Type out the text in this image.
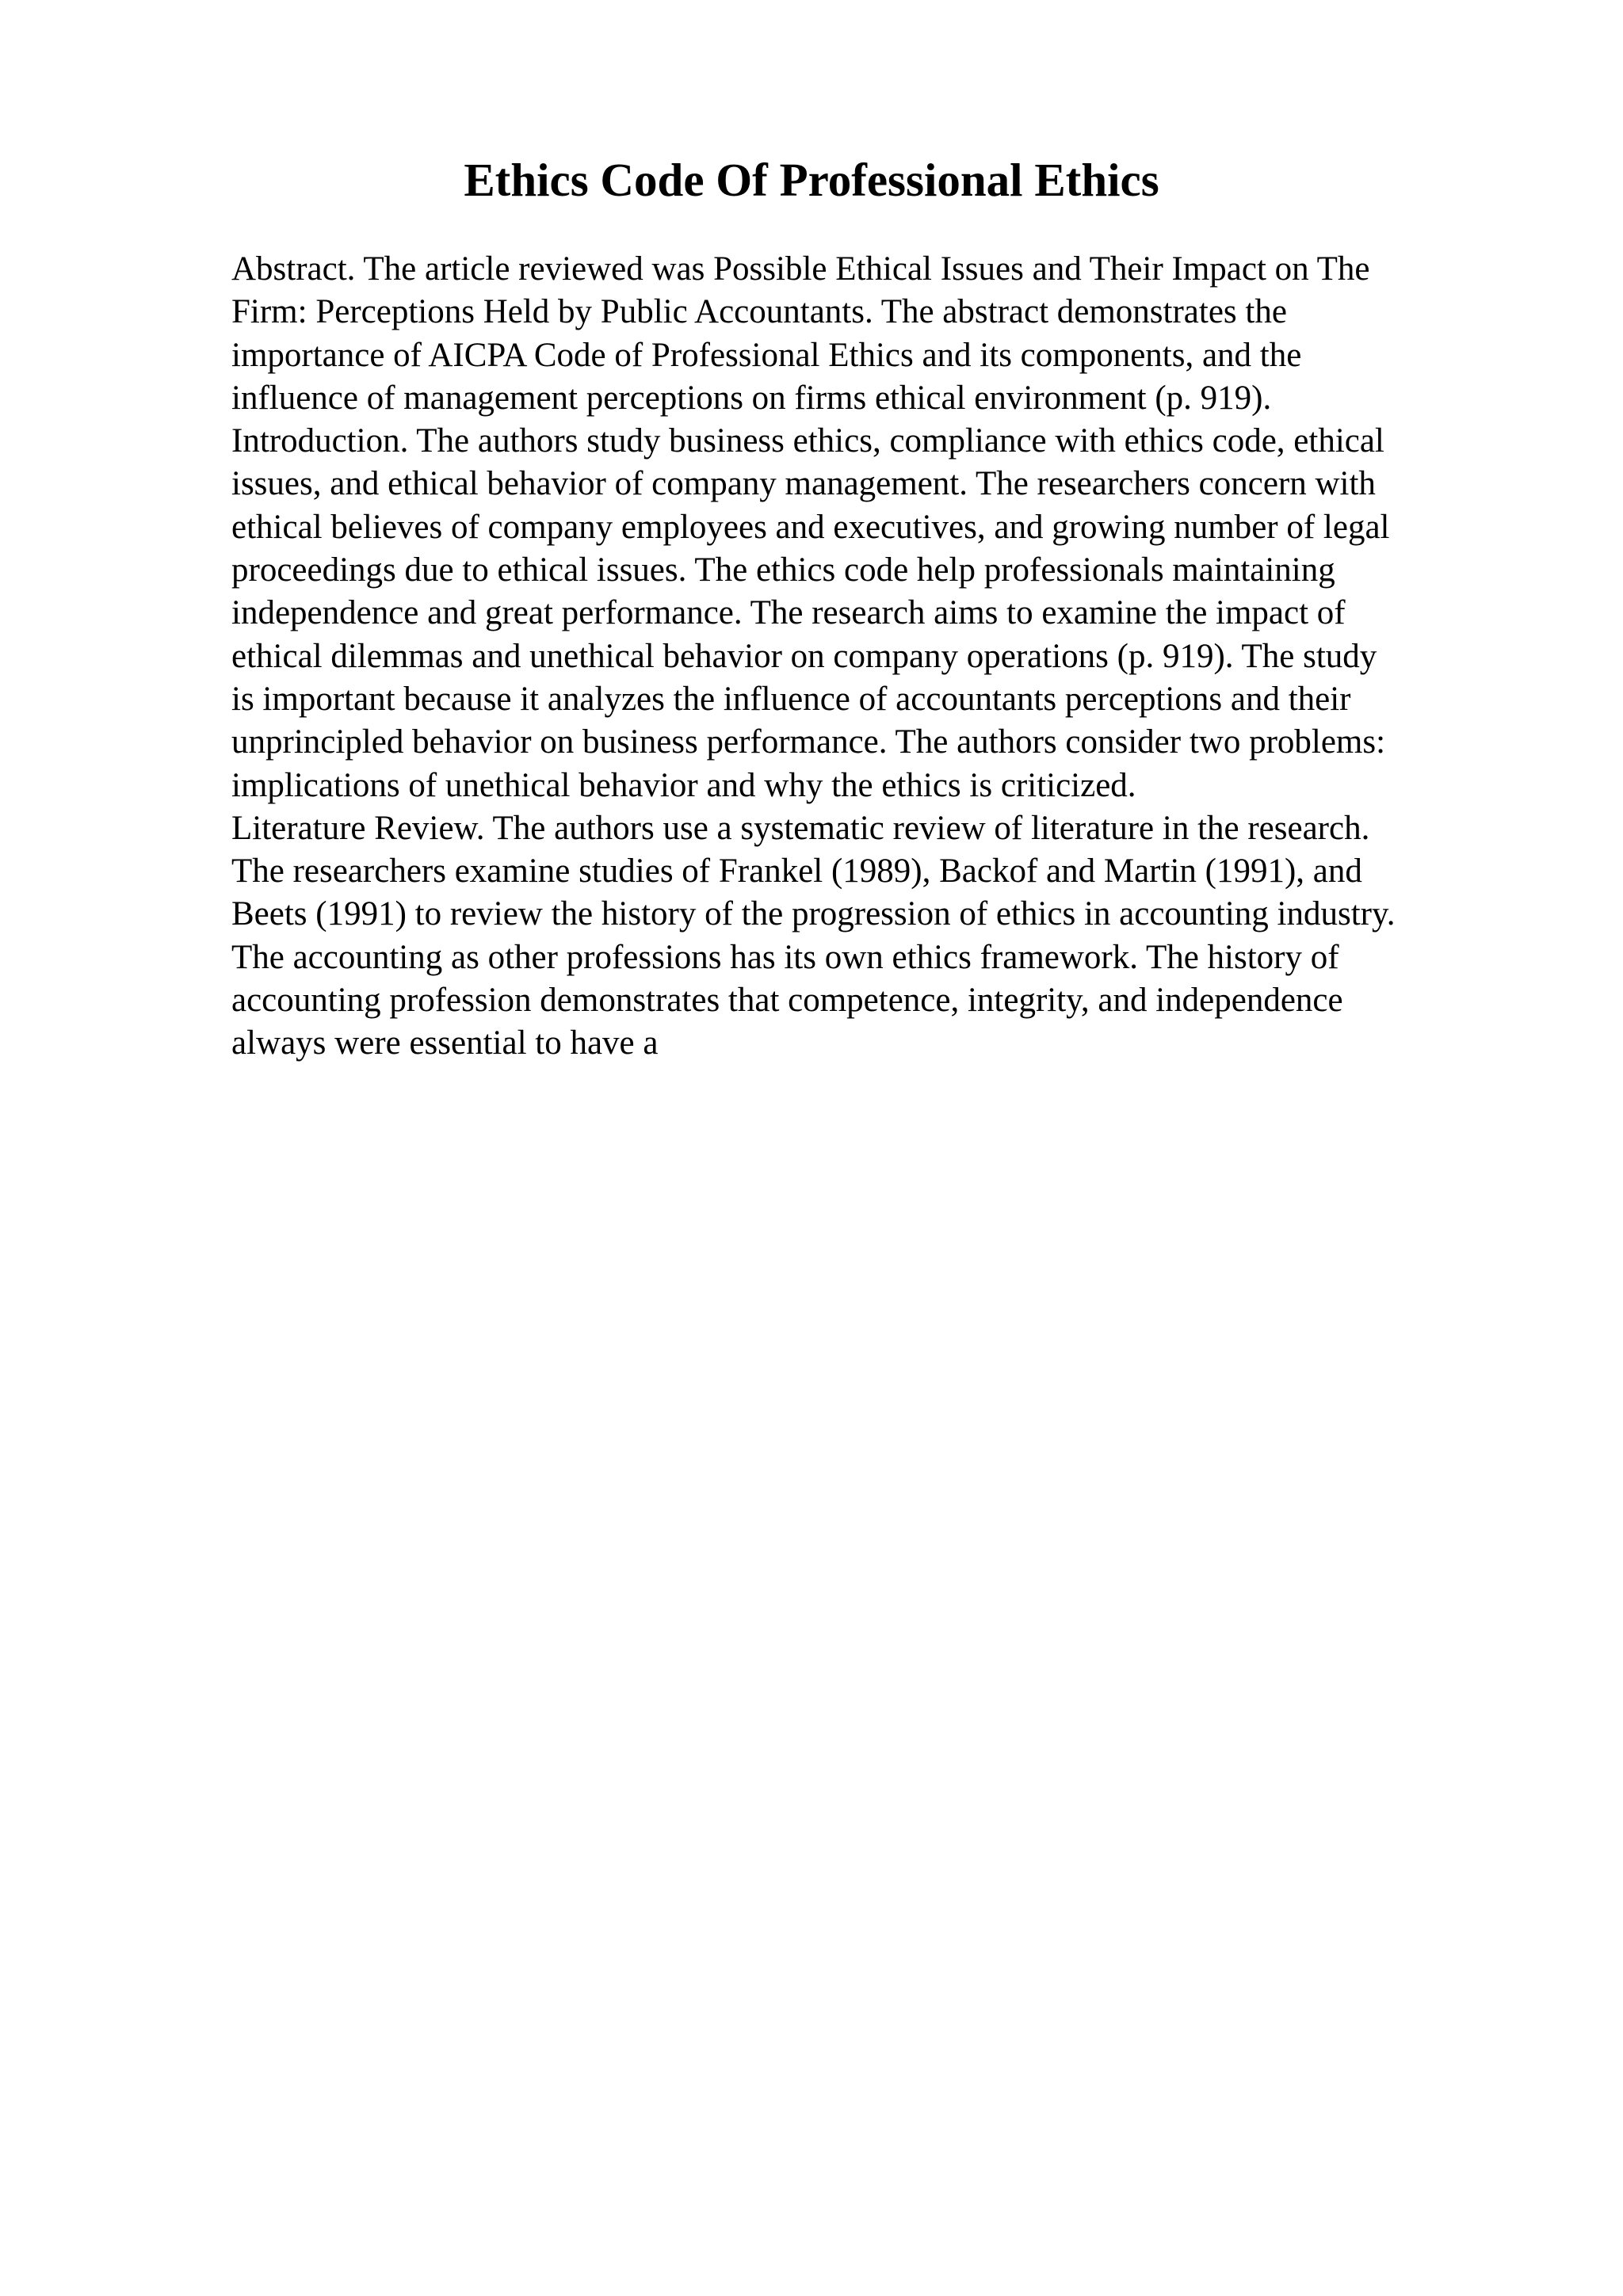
Ethics Code Of Professional Ethics
Abstract. The article reviewed was Possible Ethical Issues and Their Impact on The
Firm: Perceptions Held by Public Accountants. The abstract demonstrates the
importance of AICPA Code of Professional Ethics and its components, and the
influence of management perceptions on firms ethical environment (p. 919).
Introduction. The authors study business ethics, compliance with ethics code, ethical
issues, and ethical behavior of company management. The researchers concern with
ethical believes of company employees and executives, and growing number of legal
proceedings due to ethical issues. The ethics code help professionals maintaining
independence and great performance. The research aims to examine the impact of
ethical dilemmas and unethical behavior on company operations (p. 919). The study
is important because it analyzes the influence of accountants perceptions and their
unprincipled behavior on business performance. The authors consider two problems:
implications of unethical behavior and why the ethics is criticized.
Literature Review. The authors use a systematic review of literature in the research.
The researchers examine studies of Frankel (1989), Backof and Martin (1991), and
Beets (1991) to review the history of the progression of ethics in accounting industry.
The accounting as other professions has its own ethics framework. The history of
accounting profession demonstrates that competence, integrity, and independence
always were essential to have a
